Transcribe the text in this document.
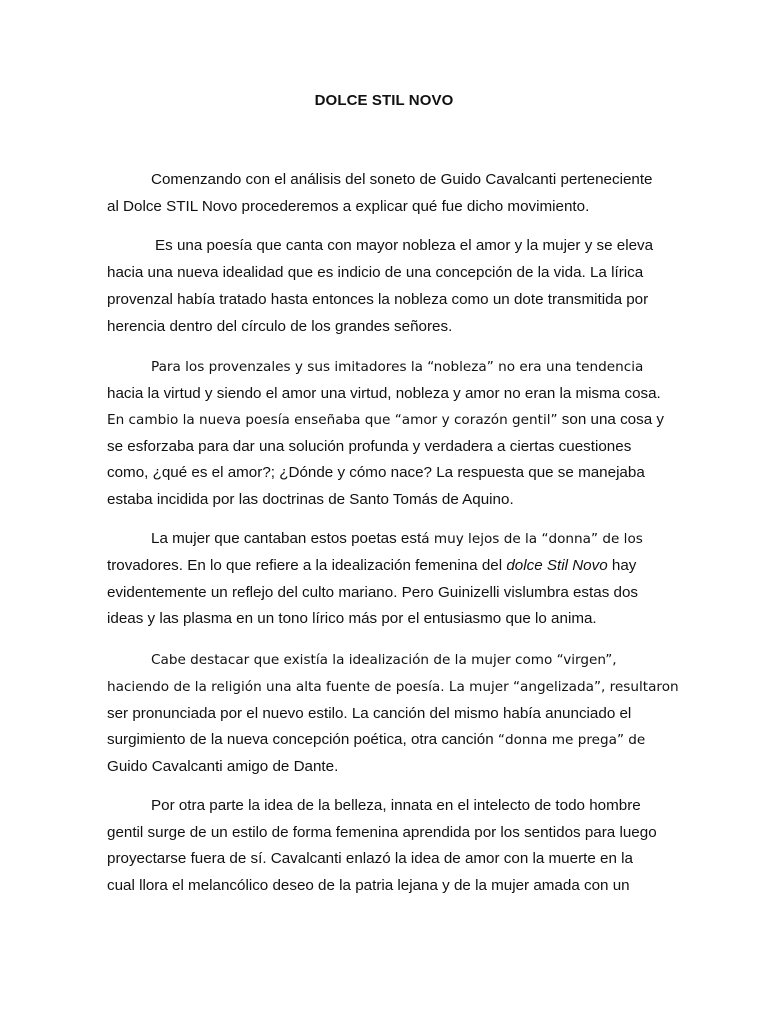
DOLCE STIL NOVO
Comenzando con el análisis del soneto de Guido Cavalcanti perteneciente
al Dolce STIL Novo procederemos a explicar qué fue dicho movimiento.
Es una poesía que canta con mayor nobleza el amor y la mujer y se eleva
hacia una nueva idealidad que es indicio de una concepción de la vida. La lírica
provenzal había tratado hasta entonces la nobleza como un dote transmitida por
herencia dentro del círculo de los grandes señores.
Para los provenzales y sus imitadores la “nobleza” no era una tendencia
hacia la virtud y siendo el amor una virtud, nobleza y amor no eran la misma cosa.
En cambio la nueva poesía enseñaba que “amor y corazón gentil” son una cosa y
se esforzaba para dar una solución profunda y verdadera a ciertas cuestiones
como, ¿qué es el amor?; ¿Dónde y cómo nace? La respuesta que se manejaba
estaba incidida por las doctrinas de Santo Tomás de Aquino.
La mujer que cantaban estos poetas está muy lejos de la “donna” de los
trovadores. En lo que refiere a la idealización femenina del dolce Stil Novo hay
evidentemente un reflejo del culto mariano. Pero Guinizelli vislumbra estas dos
ideas y las plasma en un tono lírico más por el entusiasmo que lo anima.
Cabe destacar que existía la idealización de la mujer como “virgen”,
haciendo de la religión una alta fuente de poesía. La mujer “angelizada”, resultaron
ser pronunciada por el nuevo estilo. La canción del mismo había anunciado el
surgimiento de la nueva concepción poética, otra canción “donna me prega” de
Guido Cavalcanti amigo de Dante.
Por otra parte la idea de la belleza, innata en el intelecto de todo hombre
gentil surge de un estilo de forma femenina aprendida por los sentidos para luego
proyectarse fuera de sí. Cavalcanti enlazó la idea de amor con la muerte en la
cual llora el melancólico deseo de la patria lejana y de la mujer amada con un
